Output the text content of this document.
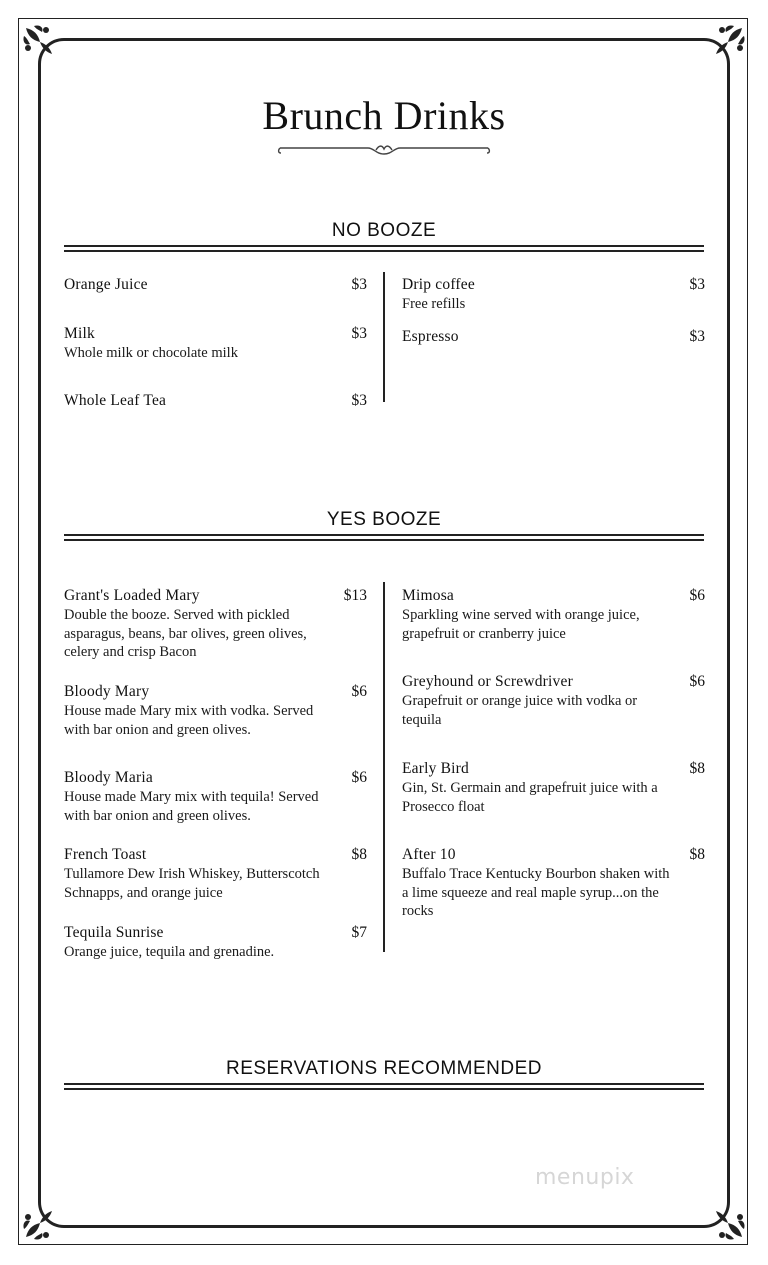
Brunch Drinks
NO BOOZE
Orange Juice	$3
Milk	$3
Whole milk or chocolate milk
Whole Leaf Tea	$3
Drip coffee	$3
Free refills
Espresso	$3
YES BOOZE
Grant's Loaded Mary	$13
Double the booze. Served with pickled asparagus, beans, bar olives, green olives, celery and crisp Bacon
Bloody Mary	$6
House made Mary mix with vodka. Served with bar onion and green olives.
Bloody Maria	$6
House made Mary mix with tequila! Served with bar onion and green olives.
French Toast	$8
Tullamore Dew Irish Whiskey, Butterscotch Schnapps, and orange juice
Tequila Sunrise	$7
Orange juice, tequila and grenadine.
Mimosa	$6
Sparkling wine served with orange juice, grapefruit or cranberry juice
Greyhound or Screwdriver	$6
Grapefruit or orange juice with vodka or tequila
Early Bird	$8
Gin, St. Germain and grapefruit juice with a Prosecco float
After 10	$8
Buffalo Trace Kentucky Bourbon shaken with a lime squeeze and real maple syrup...on the rocks
RESERVATIONS RECOMMENDED
menupix
